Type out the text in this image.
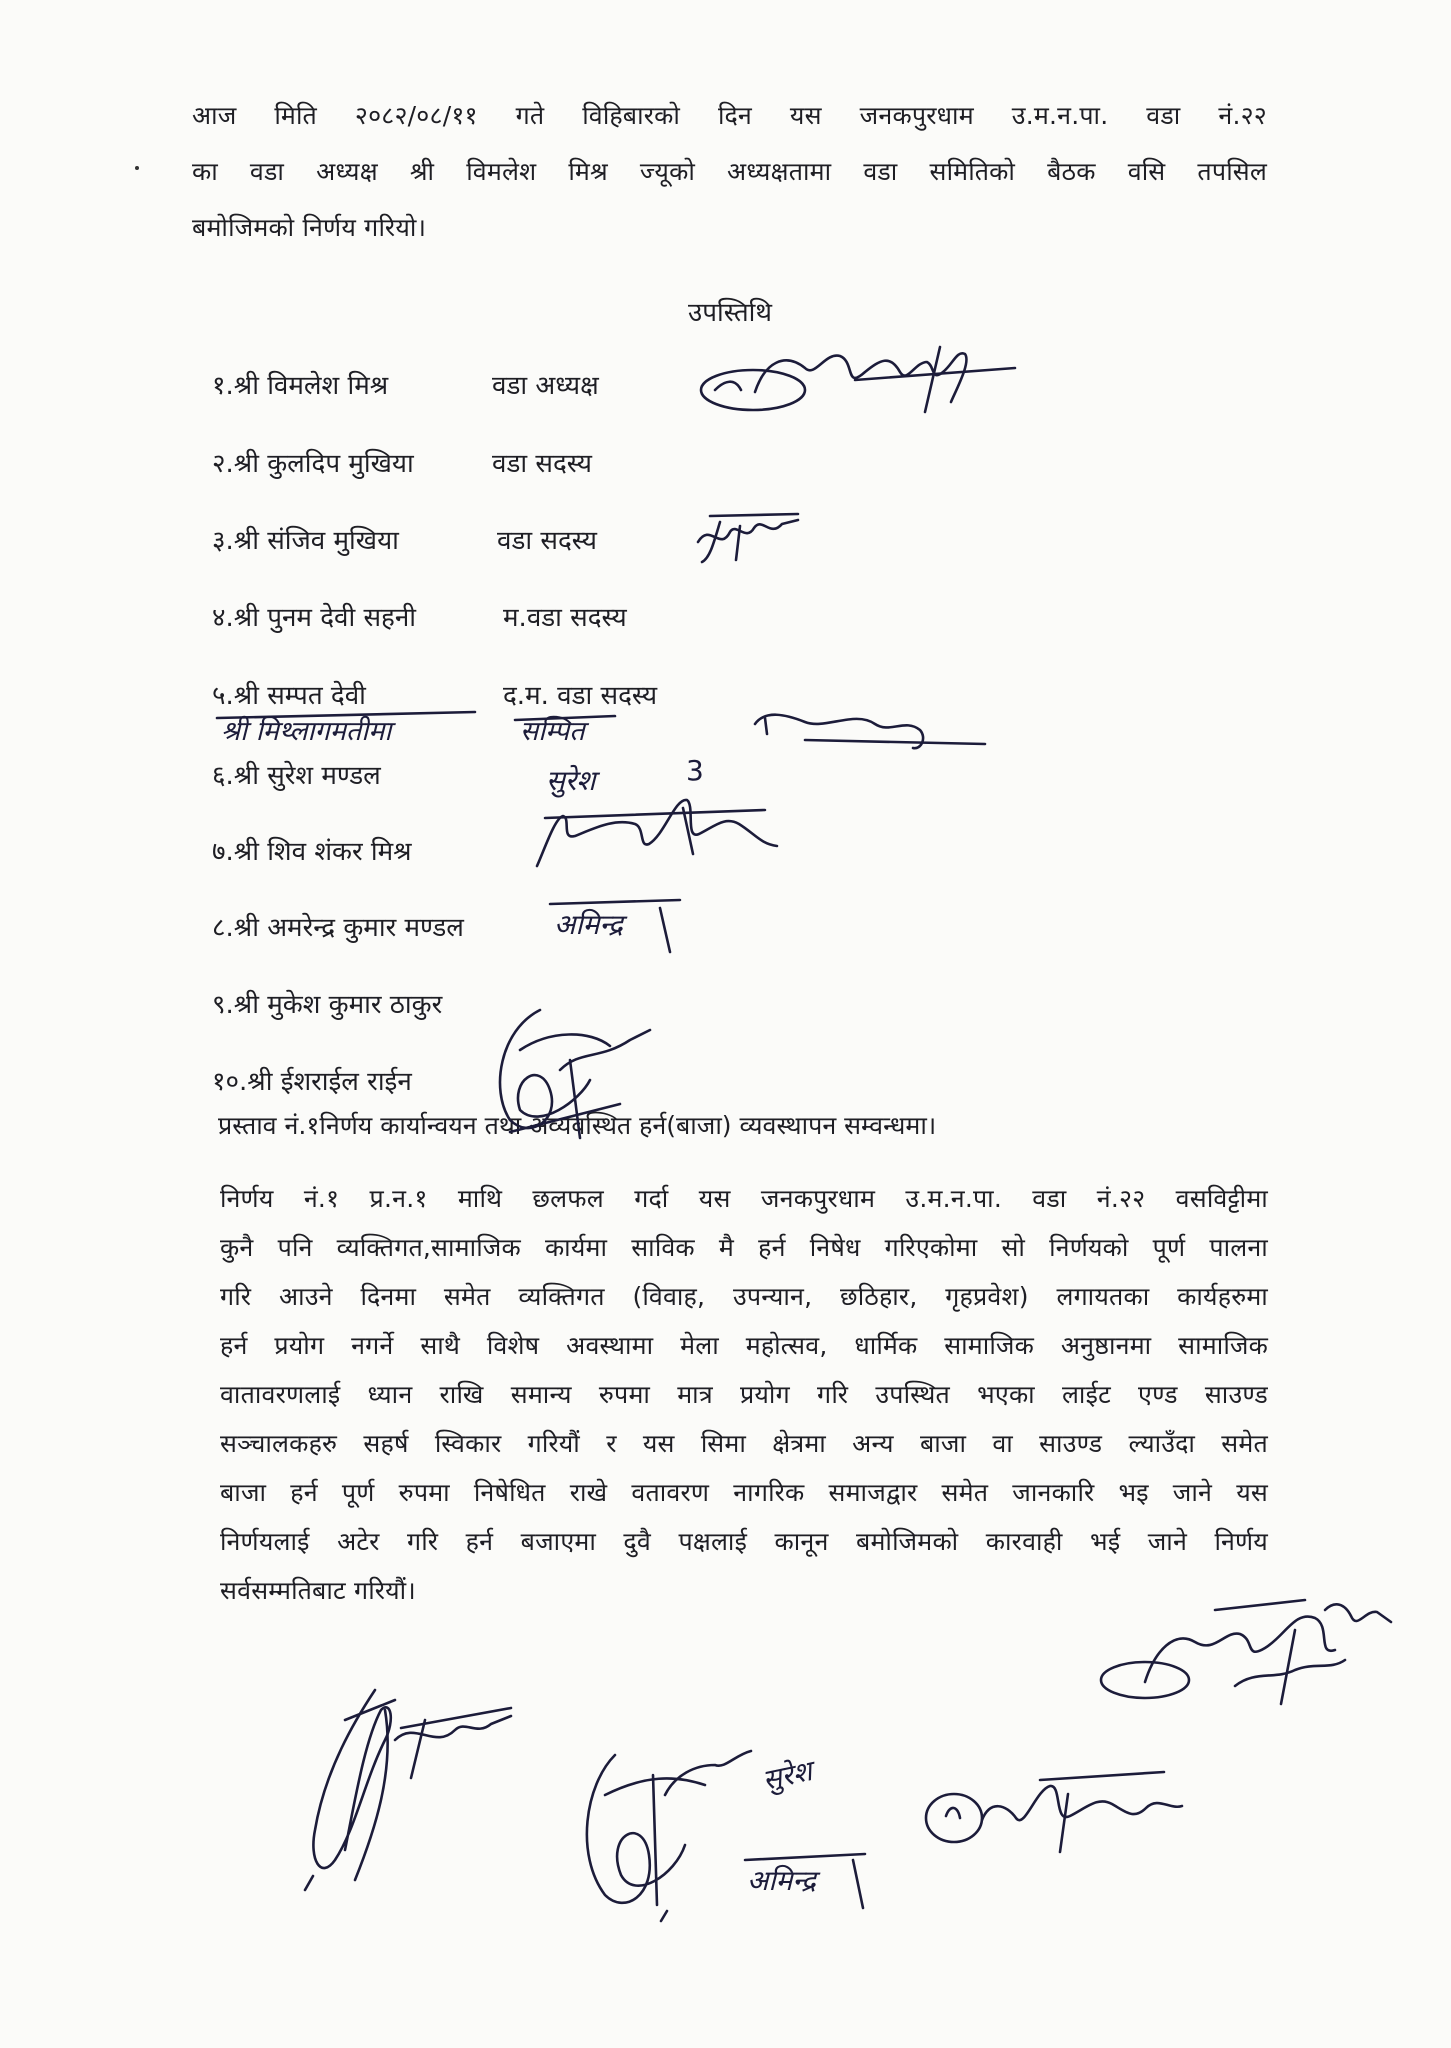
आज मिति २०८२/०८/११ गते विहिबारको दिन यस जनकपुरधाम उ.म.न.पा. वडा नं.२२

का वडा अध्यक्ष श्री विमलेश मिश्र ज्यूको अध्यक्षतामा वडा समितिको बैठक वसि तपसिल

बमोजिमको निर्णय गरियो।

उपस्तिथि
१.श्री विमलेश मिश्र	वडा अध्यक्ष
२.श्री कुलदिप मुखिया	वडा सदस्य
३.श्री संजिव मुखिया	वडा सदस्य
४.श्री पुनम देवी सहनी	म.वडा सदस्य
५.श्री सम्पत देवी	द.म. वडा सदस्य
६.श्री सुरेश मण्डल
७.श्री शिव शंकर मिश्र
८.श्री अमरेन्द्र कुमार मण्डल
९.श्री मुकेश कुमार ठाकुर
१०.श्री ईशराईल राईन
प्रस्ताव नं.१निर्णय कार्यान्वयन तथा अव्यवस्थित हर्न(बाजा) व्यवस्थापन सम्वन्धमा।

निर्णय नं.१ प्र.न.१ माथि छलफल गर्दा यस जनकपुरधाम उ.म.न.पा. वडा नं.२२ वसविट्टीमा

कुनै पनि व्यक्तिगत,सामाजिक कार्यमा साविक मै हर्न निषेध गरिएकोमा सो निर्णयको पूर्ण पालना

गरि आउने दिनमा समेत व्यक्तिगत (विवाह, उपन्यान, छठिहार, गृहप्रवेश) लगायतका कार्यहरुमा

हर्न प्रयोग नगर्ने साथै विशेष अवस्थामा मेला महोत्सव, धार्मिक सामाजिक अनुष्ठानमा सामाजिक

वातावरणलाई ध्यान राखि समान्य रुपमा मात्र प्रयोग गरि उपस्थित भएका लाईट एण्ड साउण्ड

सञ्चालकहरु सहर्ष स्विकार गरियौं र यस सिमा क्षेत्रमा अन्य बाजा वा साउण्ड ल्याउँदा समेत

बाजा हर्न पूर्ण रुपमा निषेधित राखे वतावरण नागरिक समाजद्वार समेत जानकारि भइ जाने यस

निर्णयलाई अटेर गरि हर्न बजाएमा दुवै पक्षलाई कानून बमोजिमको कारवाही भई जाने निर्णय

सर्वसम्मतिबाट गरियौं।

श्री मिथ्लागमतीमा	सम्पित
सुरेश	3
अमिन्द्र
सुरेश
अमिन्द्र
